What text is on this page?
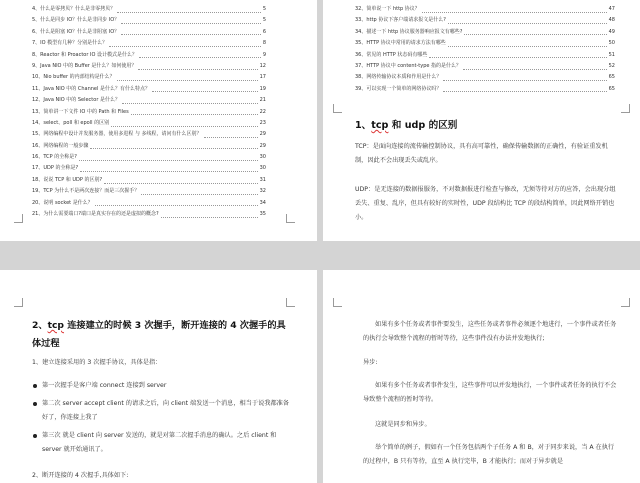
4、什么是零拷贝？什么是非零拷贝？	5
5、什么是同步 IO？什么是非同步 IO？	5
6、什么是阻塞 IO？什么是非阻塞 IO？	6
7、IO 模型有几种？分别是什么？	8
8、Reactor 和 Proactor IO 设计模式是什么？	9
9、Java NIO 中的 Buffer 是什么？如何使用？	12
10、Nio buffer 的内部结构是什么？	17
11、Java NIO 中的 Channel 是什么？有什么特点？	19
12、Java NIO 中的 Selector 是什么？	21
13、简单讲一下文件 IO 中的 Path 和 Files	22
14、select、poll 和 epoll 的区别	23
15、网络编程中设计并发服务器，使用多进程 与 多线程，请问有什么区别？	29
16、网络编程的一般步骤	29
16、TCP 的全称是?	30
17、UDP 的全称是?	30
18、说说 TCP 和 UDP 的区别?	31
19、TCP 为什么不是两次连接？而是三次握手？	32
20、说明 socket 是什么？	34
21、为什么需要端口?端口是真实存在的还是虚拟的概念?	35
32、简单说一下 http 协议？	47
33、http 协议下客户端请求报文是什么?	48
34、描述一下 http 协议服务器响应报文有哪些?	49
35、HTTP 协议中常用的请求方法有哪些	50
36、常见的 HTTP 状态码有哪些	51
37、HTTP 协议中 content-type 指的是什么？	52
38、网络传输协议本质和作用是什么？	65
39、可以实现一个简单的网络协议吗？	65
1、tcp 和 udp 的区别
TCP：是面向连接的流传输控制协议，具有高可靠性，确保传输数据的正确性，有验证重发机制，因此不会出现丢失或乱序。
UDP：是无连接的数据报服务，不对数据报进行检查与修改，无须等待对方的应答，会出现分组丢失、重复、乱序，但具有较好的实时性，UDP 段结构比 TCP 的段结构简单，因此网络开销也小。
2、tcp 连接建立的时候 3 次握手，断开连接的 4 次握手的具体过程
1、建立连接采用的 3 次握手协议，具体是指：
第一次握手是客户端 connect 连接到 server
第二次 server accept client 的请求之后，向 client 端发送一个消息，相当于说我都准备好了，你连接上我了
第三次 就是 client 向 server 发送的，就是对第二次握手消息的确认。之后 client 和 server 就开始通讯了。
2、断开连接的 4 次握手,具体如下:
如果有多个任务或者事件要发生，这些任务或者事件必须逐个地进行，一个事件或者任务的执行会导致整个流程的暂时等待，这些事件没有办法并发地执行;
异步:
如果有多个任务或者事件发生，这些事件可以并发地执行，一个事件或者任务的执行不会导致整个流程的暂时等待。
这就是同步和异步。
举个简单的例子，假如有一个任务包括两个子任务 A 和 B，对于同步来说，当 A 在执行的过程中，B 只有等待，直至 A 执行完毕，B 才能执行；而对于异步就是
